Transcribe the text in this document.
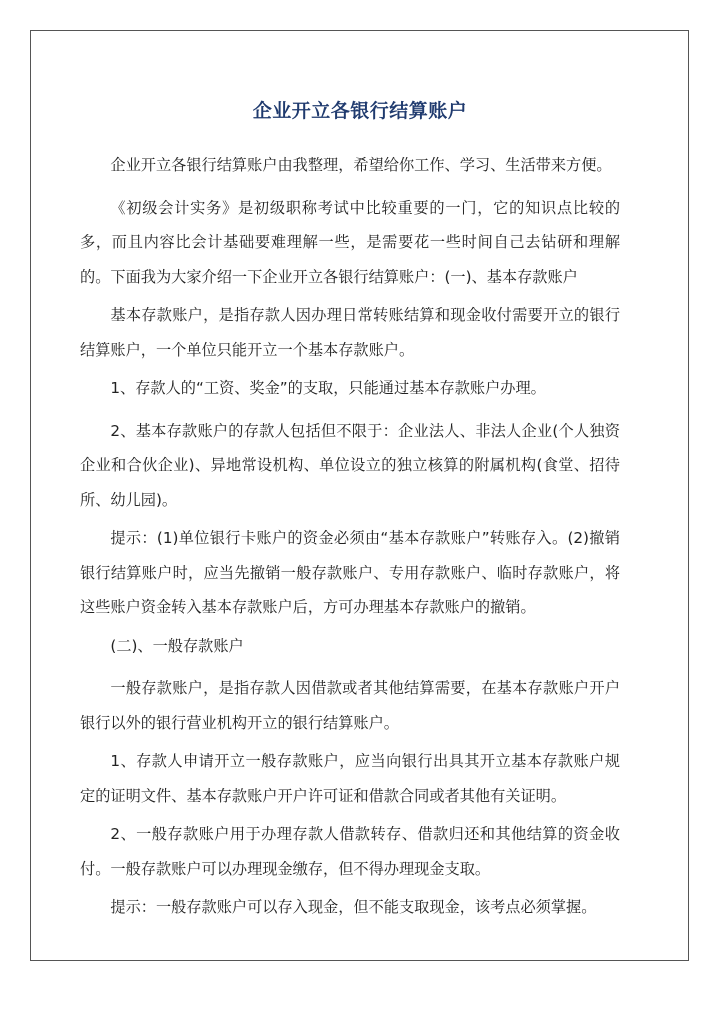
企业开立各银行结算账户

企业开立各银行结算账户由我整理，希望给你工作、学习、生活带来方便。

《初级会计实务》是初级职称考试中比较重要的一门，它的知识点比较的多，而且内容比会计基础要难理解一些，是需要花一些时间自己去钻研和理解的。下面我为大家介绍一下企业开立各银行结算账户：(一)、基本存款账户

基本存款账户，是指存款人因办理日常转账结算和现金收付需要开立的银行结算账户，一个单位只能开立一个基本存款账户。

1、存款人的“工资、奖金”的支取，只能通过基本存款账户办理。

2、基本存款账户的存款人包括但不限于：企业法人、非法人企业(个人独资企业和合伙企业)、异地常设机构、单位设立的独立核算的附属机构(食堂、招待所、幼儿园)。

提示：(1)单位银行卡账户的资金必须由“基本存款账户”转账存入。(2)撤销银行结算账户时，应当先撤销一般存款账户、专用存款账户、临时存款账户，将这些账户资金转入基本存款账户后，方可办理基本存款账户的撤销。

(二)、一般存款账户

一般存款账户，是指存款人因借款或者其他结算需要，在基本存款账户开户银行以外的银行营业机构开立的银行结算账户。

1、存款人申请开立一般存款账户，应当向银行出具其开立基本存款账户规定的证明文件、基本存款账户开户许可证和借款合同或者其他有关证明。

2、一般存款账户用于办理存款人借款转存、借款归还和其他结算的资金收付。一般存款账户可以办理现金缴存，但不得办理现金支取。

提示：一般存款账户可以存入现金，但不能支取现金，该考点必须掌握。
